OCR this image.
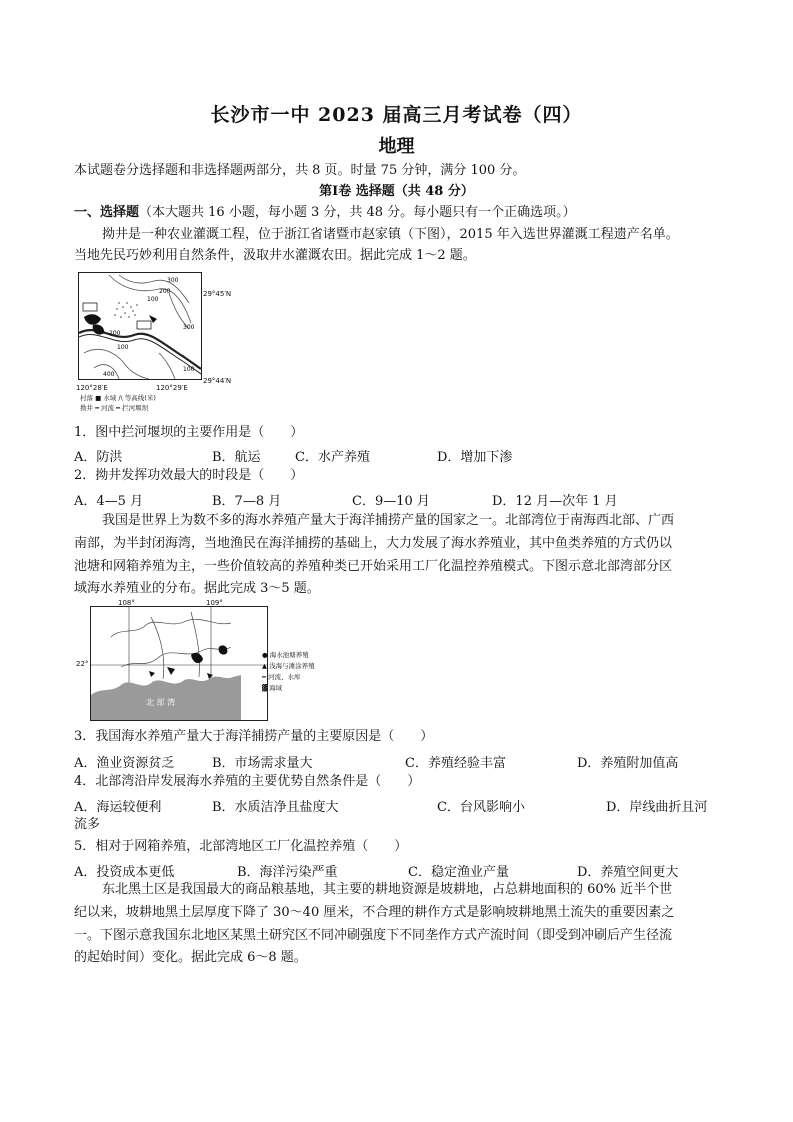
长沙市一中 2023 届高三月考试卷（四）
地理
本试题卷分选择题和非选择题两部分，共 8 页。时量 75 分钟，满分 100 分。
第Ⅰ卷 选择题（共 48 分）
一、选择题（本大题共 16 小题，每小题 3 分，共 48 分。每小题只有一个正确选项。）
拗井是一种农业灌溉工程，位于浙江省诸暨市赵家镇（下图），2015 年入选世界灌溉工程遗产名单。
当地先民巧妙利用自然条件，汲取井水灌溉农田。据此完成 1～2 题。
300
200
100
300
200
100
100
400
29°45′N
29°44′N
120°28′E	120°29′E
村落 ■ 水域 /\ 等高线(米)
拗井 ━ 河流 ━ 拦河堰坝
1．图中拦河堰坝的主要作用是（　　）
A．防洪	B．航运	C．水产养殖	D．增加下渗
2．拗井发挥功效最大的时段是（　　）
A．4—5 月	B．7—8 月	C．9—10 月	D．12 月—次年 1 月
我国是世界上为数不多的海水养殖产量大于海洋捕捞产量的国家之一。北部湾位于南海西北部、广西
南部，为半封闭海湾，当地渔民在海洋捕捞的基础上，大力发展了海水养殖业，其中鱼类养殖的方式仍以
池塘和网箱养殖为主，一些价值较高的养殖种类已开始采用工厂化温控养殖模式。下图示意北部湾部分区
域海水养殖业的分布。据此完成 3～5 题。
108°	109°
22°
北 部 湾
● 海水池塘养殖
▲ 浅海与滩涂养殖
━ 河流、水库
▓ 海域
3．我国海水养殖产量大于海洋捕捞产量的主要原因是（　　）
A．渔业资源贫乏	B．市场需求量大	C．养殖经验丰富	D．养殖附加值高
4．北部湾沿岸发展海水养殖的主要优势自然条件是（　　）
A．海运较便利	B．水质洁净且盐度大	C．台风影响小	D．岸线曲折且河
流多
5．相对于网箱养殖，北部湾地区工厂化温控养殖（　　）
A．投资成本更低	B．海洋污染严重	C．稳定渔业产量	D．养殖空间更大
东北黑土区是我国最大的商品粮基地，其主要的耕地资源是坡耕地，占总耕地面积的 60% 近半个世
纪以来，坡耕地黑土层厚度下降了 30～40 厘米，不合理的耕作方式是影响坡耕地黑土流失的重要因素之
一。下图示意我国东北地区某黑土研究区不同冲刷强度下不同垄作方式产流时间（即受到冲刷后产生径流
的起始时间）变化。据此完成 6～8 题。
